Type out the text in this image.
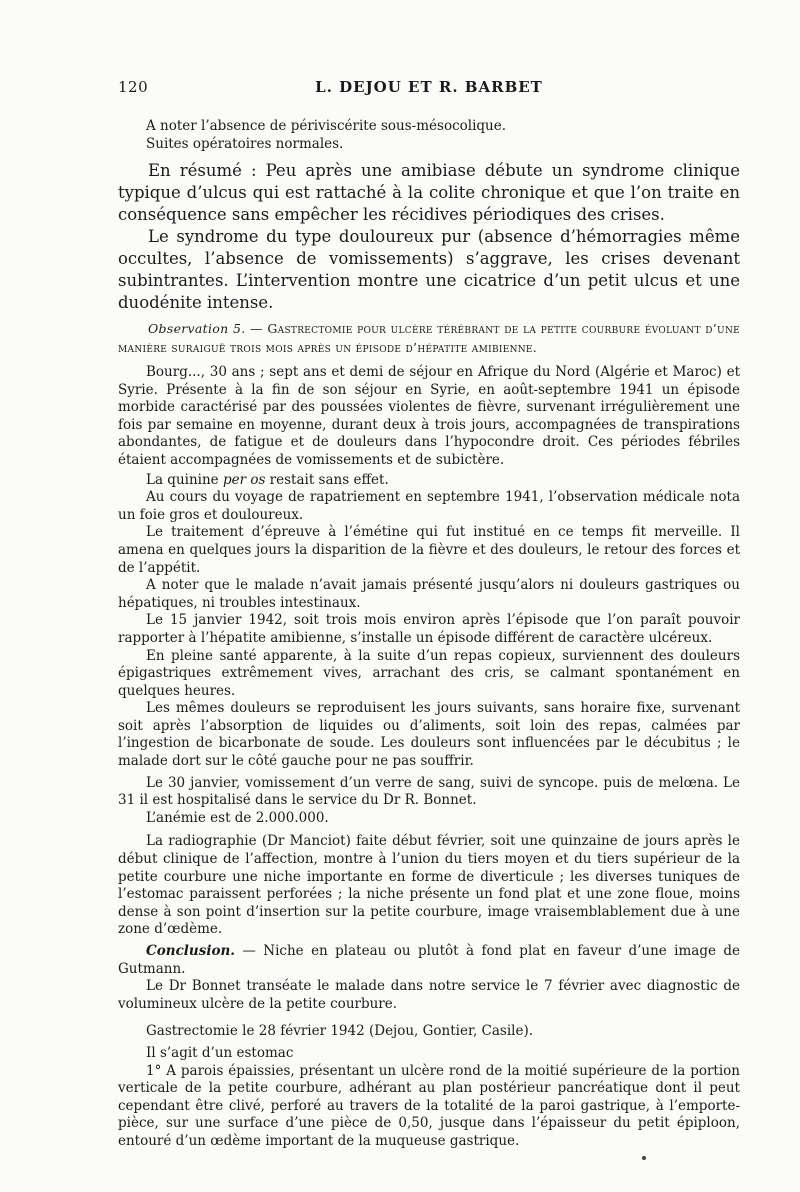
120	L. DEJOU ET R. BARBET

A noter l’absence de périviscérite sous-mésocolique.

Suites opératoires normales.

En résumé : Peu après une amibiase débute un syndrome clinique typique d’ulcus qui est rattaché à la colite chronique et que l’on traite en conséquence sans empêcher les récidives périodiques des crises.

Le syndrome du type douloureux pur (absence d’hémorragies même occultes, l’absence de vomissements) s’aggrave, les crises devenant subintrantes. L’intervention montre une cicatrice d’un petit ulcus et une duodénite intense.

Observation 5. — Gastrectomie pour ulcère térébrant de la petite courbure évoluant d’une manière suraiguë trois mois après un épisode d’hépatite amibienne.

Bourg..., 30 ans ; sept ans et demi de séjour en Afrique du Nord (Algérie et Maroc) et Syrie. Présente à la fin de son séjour en Syrie, en août-septembre 1941 un épisode morbide caractérisé par des poussées violentes de fièvre, survenant irrégulièrement une fois par semaine en moyenne, durant deux à trois jours, accompagnées de transpirations abondantes, de fatigue et de douleurs dans l’hypocondre droit. Ces périodes fébriles étaient accompagnées de vomissements et de subictère.

La quinine per os restait sans effet.

Au cours du voyage de rapatriement en septembre 1941, l’observation médicale nota un foie gros et douloureux.

Le traitement d’épreuve à l’émétine qui fut institué en ce temps fit merveille. Il amena en quelques jours la disparition de la fièvre et des douleurs, le retour des forces et de l’appétit.

A noter que le malade n’avait jamais présenté jusqu’alors ni douleurs gastriques ou hépatiques, ni troubles intestinaux.

Le 15 janvier 1942, soit trois mois environ après l’épisode que l’on paraît pouvoir rapporter à l’hépatite amibienne, s’installe un épisode différent de caractère ulcéreux.

En pleine santé apparente, à la suite d’un repas copieux, surviennent des douleurs épigastriques extrêmement vives, arrachant des cris, se calmant spontanément en quelques heures.

Les mêmes douleurs se reproduisent les jours suivants, sans horaire fixe, survenant soit après l’absorption de liquides ou d’aliments, soit loin des repas, calmées par l’ingestion de bicarbonate de soude. Les douleurs sont influencées par le décubitus ; le malade dort sur le côté gauche pour ne pas souffrir.

Le 30 janvier, vomissement d’un verre de sang, suivi de syncope. puis de melœna. Le 31 il est hospitalisé dans le service du Dr R. Bonnet.

L’anémie est de 2.000.000.

La radiographie (Dr Manciot) faite début février, soit une quinzaine de jours après le début clinique de l’affection, montre à l’union du tiers moyen et du tiers supérieur de la petite courbure une niche importante en forme de diverticule ; les diverses tuniques de l’estomac paraissent perforées ; la niche présente un fond plat et une zone floue, moins dense à son point d’insertion sur la petite courbure, image vraisemblablement due à une zone d’œdème.

Conclusion. — Niche en plateau ou plutôt à fond plat en faveur d’une image de Gutmann.

Le Dr Bonnet transéate le malade dans notre service le 7 février avec diagnostic de volumineux ulcère de la petite courbure.

Gastrectomie le 28 février 1942 (Dejou, Gontier, Casile).

Il s’agit d’un estomac

1° A parois épaissies, présentant un ulcère rond de la moitié supérieure de la portion verticale de la petite courbure, adhérant au plan postérieur pancréatique dont il peut cependant être clivé, perforé au travers de la totalité de la paroi gastrique, à l’emporte-pièce, sur une surface d’une pièce de 0,50, jusque dans l’épaisseur du petit épiploon, entouré d’un œdème important de la muqueuse gastrique.
